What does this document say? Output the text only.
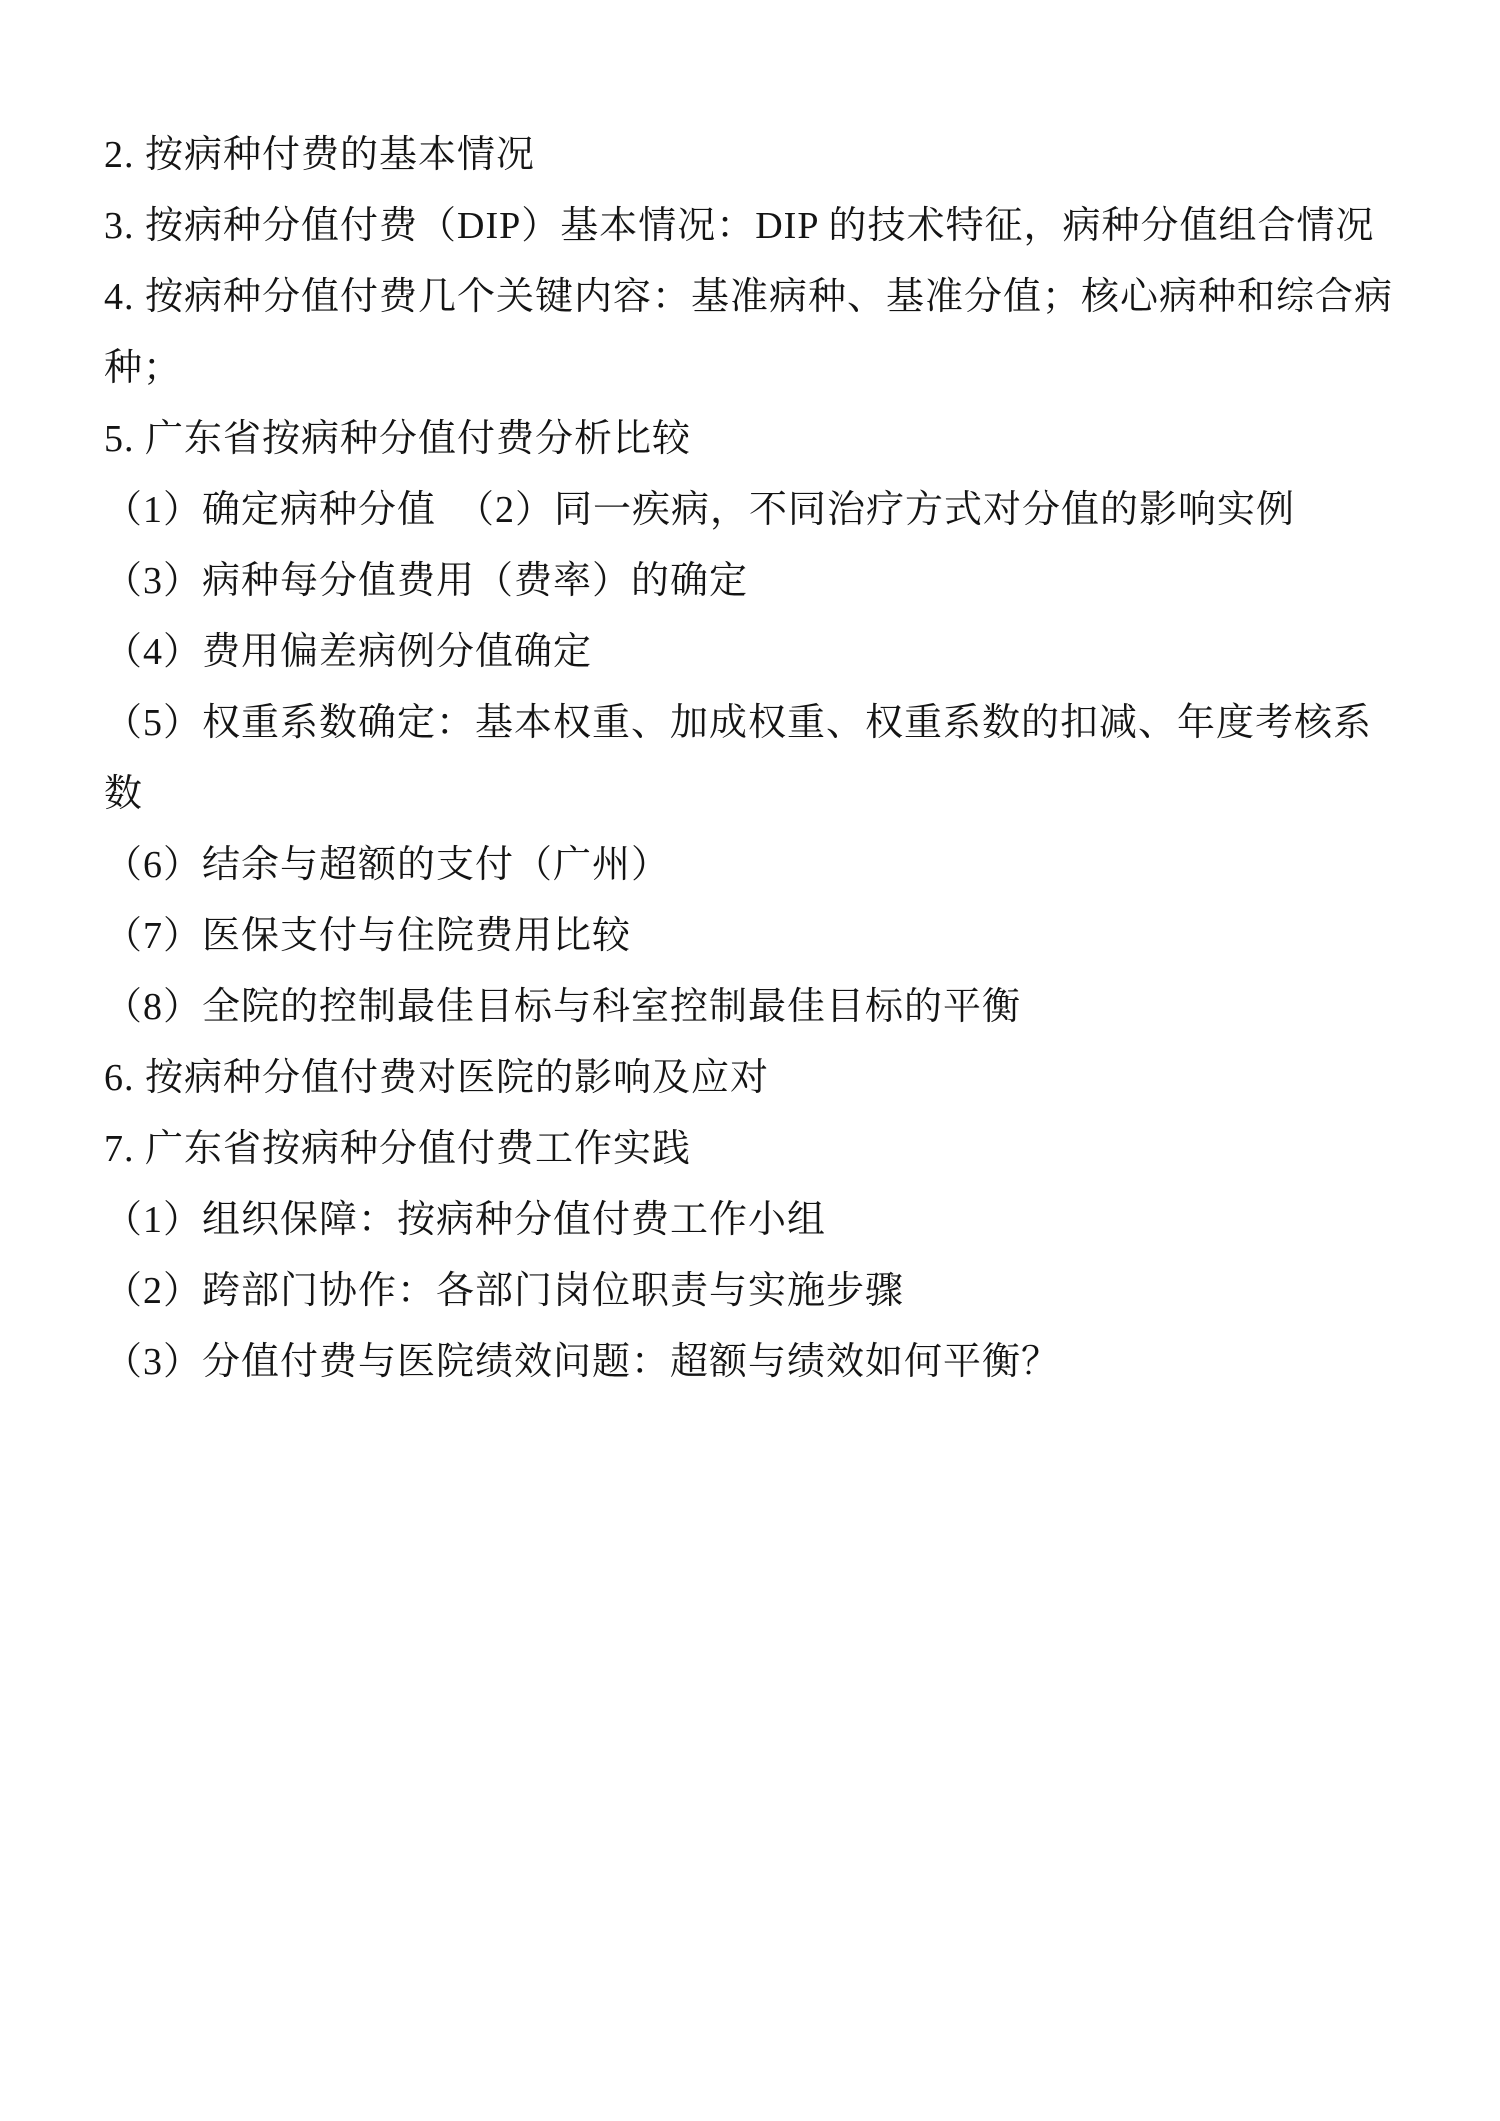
2. 按病种付费的基本情况
3. 按病种分值付费（DIP）基本情况：DIP 的技术特征，病种分值组合情况
4. 按病种分值付费几个关键内容：基准病种、基准分值；核心病种和综合病
种；
5. 广东省按病种分值付费分析比较
（1）确定病种分值　（2）同一疾病，不同治疗方式对分值的影响实例
（3）病种每分值费用（费率）的确定
（4）费用偏差病例分值确定
（5）权重系数确定：基本权重、加成权重、权重系数的扣减、年度考核系
数
（6）结余与超额的支付（广州）
（7）医保支付与住院费用比较
（8）全院的控制最佳目标与科室控制最佳目标的平衡
6. 按病种分值付费对医院的影响及应对
7. 广东省按病种分值付费工作实践
（1）组织保障：按病种分值付费工作小组
（2）跨部门协作：各部门岗位职责与实施步骤
（3）分值付费与医院绩效问题：超额与绩效如何平衡？
